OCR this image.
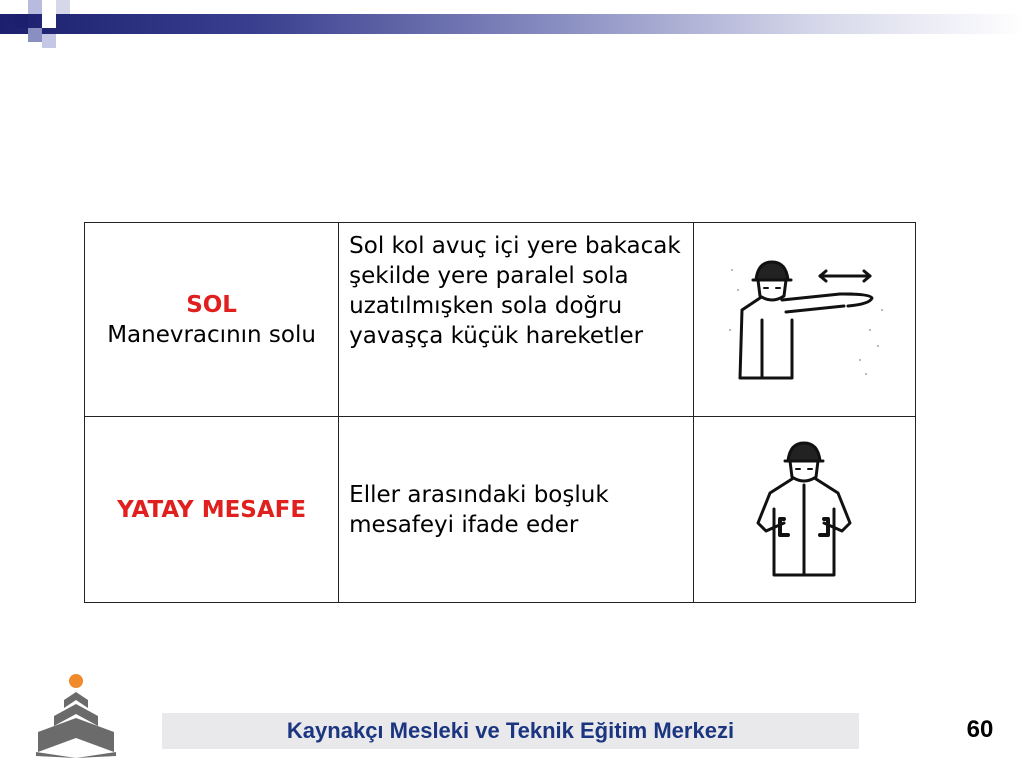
SOL
Manevracının solu	Sol kol avuç içi yere bakacak şekilde yere paralel sola uzatılmışken sola doğru yavaşça küçük hareketler	

YATAY MESAFE	Eller arasındaki boşluk mesafeyi ifade eder	
Kaynakçı Mesleki ve Teknik Eğitim Merkezi	60
